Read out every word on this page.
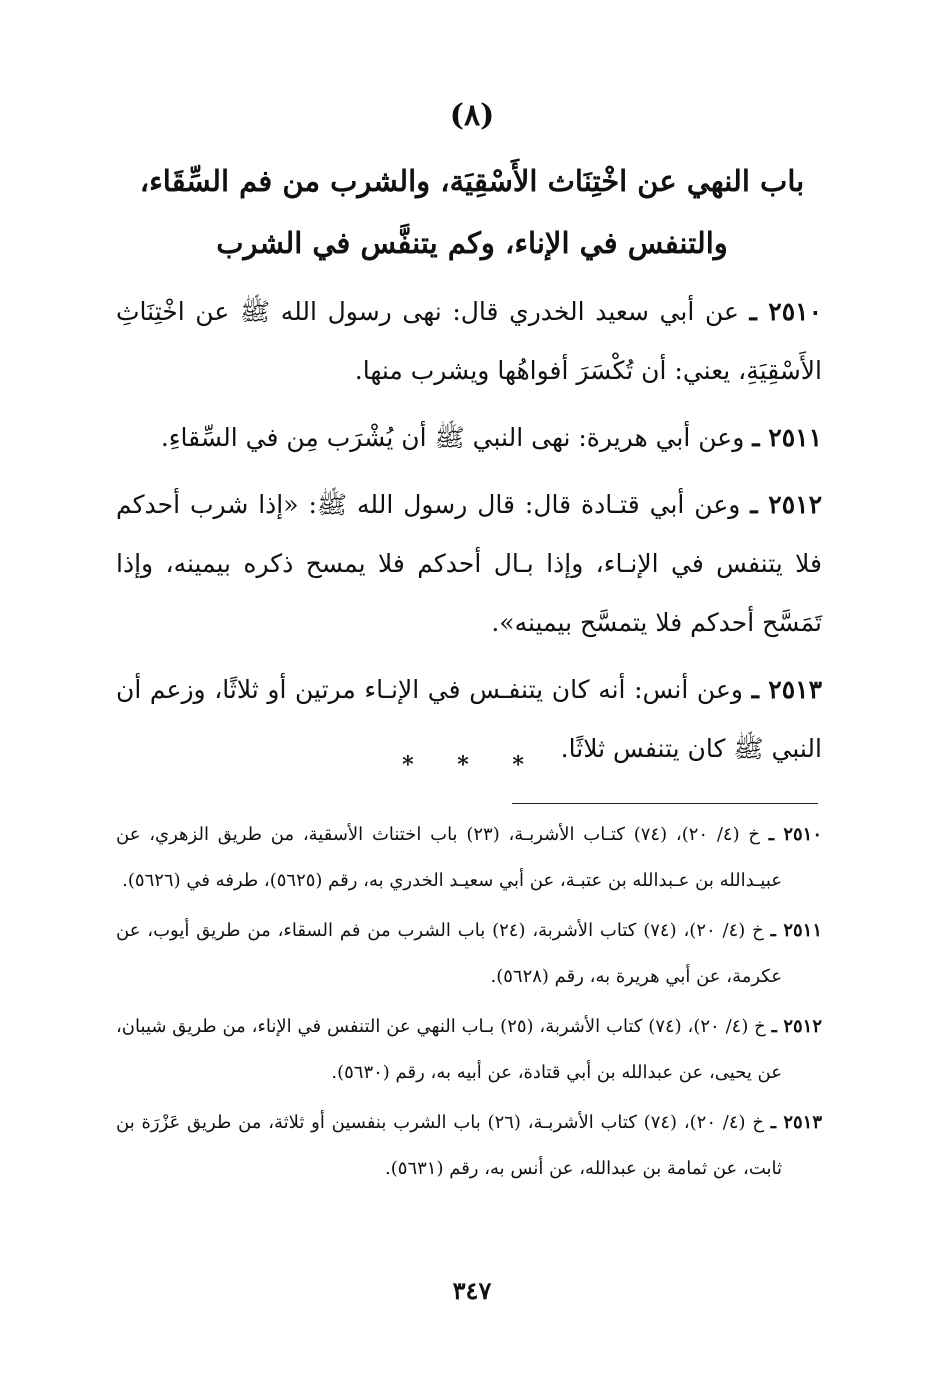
(٨)
باب النهي عن اخْتِنَاث الأَسْقِيَة، والشرب من فم السِّقَاء،
والتنفس في الإناء، وكم يتنفَّس في الشرب

٢٥١٠ ـ عن أبي سعيد الخدري قال: نهى رسول الله ﷺ عن اخْتِنَاثِ الأَسْقِيَةِ، يعني: أن تُكْسَرَ أفواهُها ويشرب منها.

٢٥١١ ـ وعن أبي هريرة: نهى النبي ﷺ أن يُشْرَب مِن في السِّقاءِ.

٢٥١٢ ـ وعن أبي قتـادة قال: قال رسول الله ﷺ: «إذا شرب أحدكم فلا يتنفس في الإنـاء، وإذا بـال أحدكم فلا يمسح ذكره بيمينه، وإذا تَمَسَّح أحدكم فلا يتمسَّح بيمينه».

٢٥١٣ ـ وعن أنس: أنه كان يتنفـس في الإنـاء مرتين أو ثلاثًا، وزعم أن النبي ﷺ كان يتنفس ثلاثًا.

* * *

٢٥١٠ ـ خ (٤/ ٢٠)، (٧٤) كتـاب الأشربـة، (٢٣) باب اختناث الأسقية، من طريق الزهري، عن عبيـدالله بن عـبدالله بن عتبـة، عن أبي سعيـد الخدري به، رقم (٥٦٢٥)، طرفه في (٥٦٢٦).

٢٥١١ ـ خ (٤/ ٢٠)، (٧٤) كتاب الأشربة، (٢٤) باب الشرب من فم السقاء، من طريق أيوب، عن عكرمة، عن أبي هريرة به، رقم (٥٦٢٨).

٢٥١٢ ـ خ (٤/ ٢٠)، (٧٤) كتاب الأشربة، (٢٥) بـاب النهي عن التنفس في الإناء، من طريق شيبان، عن يحيى، عن عبدالله بن أبي قتادة، عن أبيه به، رقم (٥٦٣٠).

٢٥١٣ ـ خ (٤/ ٢٠)، (٧٤) كتاب الأشربـة، (٢٦) باب الشرب بنفسين أو ثلاثة، من طريق عَزْرَة بن ثابت، عن ثمامة بن عبدالله، عن أنس به، رقم (٥٦٣١).

٣٤٧
